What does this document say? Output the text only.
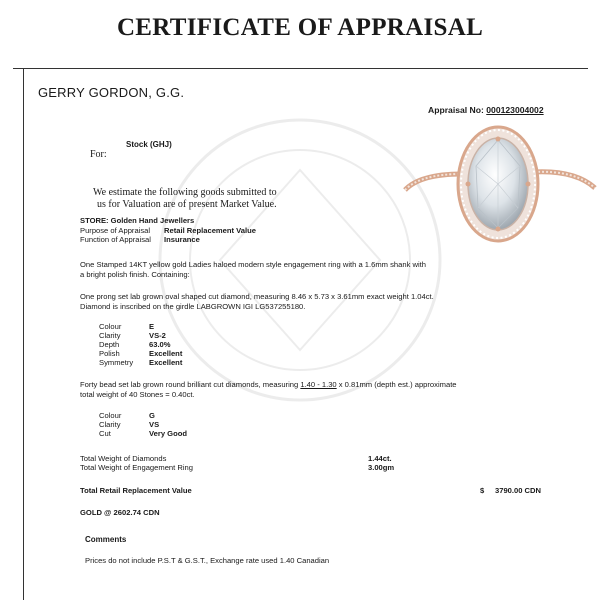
CERTIFICATE OF APPRAISAL
GERRY GORDON, G.G.
Appraisal No: 000123004002
Stock (GHJ)
For:
We estimate the following goods submitted to
us for Valuation are of present Market Value.
STORE: Golden Hand Jewellers
Purpose of Appraisal Retail Replacement Value
Function of Appraisal Insurance
One Stamped 14KT yellow gold Ladies haloed modern style engagement ring with a 1.6mm shank with
a bright polish finish. Containing:
One prong set lab grown oval shaped cut diamond, measuring 8.46 x 5.73 x 3.61mm exact weight 1.04ct.
Diamond is inscribed on the girdle LABGROWN IGI LG537255180.
Colour	E
Clarity	VS-2
Depth	63.0%
Polish	Excellent
Symmetry	Excellent
Forty bead set lab grown round brilliant cut diamonds, measuring 1.40 - 1.30 x 0.81mm (depth est.) approximate
total weight of 40 Stones = 0.40ct.
Colour	G
Clarity	VS
Cut	Very Good
Total Weight of Diamonds	1.44ct.
Total Weight of Engagement Ring	3.00gm
Total Retail Replacement Value	$ 3790.00 CDN
GOLD @ 2602.74 CDN
Comments
Prices do not include P.S.T & G.S.T., Exchange rate used 1.40 Canadian
